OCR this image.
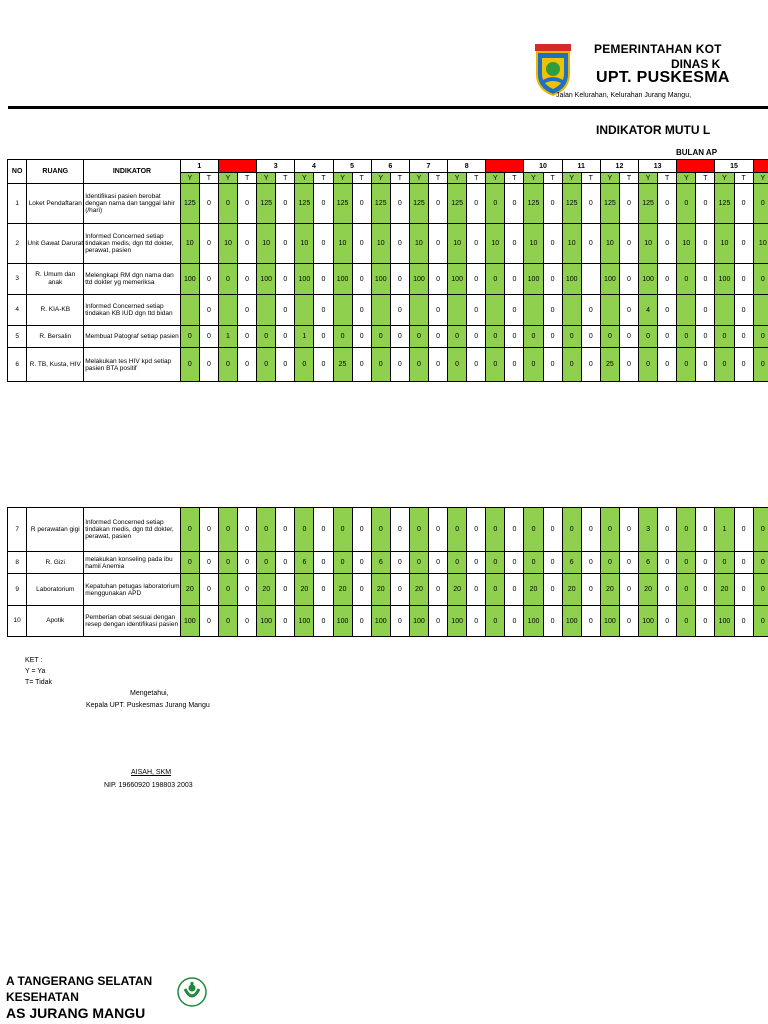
PEMERINTAHAN KOT
DINAS K
UPT. PUSKESMA
Jalan Kelurahan, Kelurahan Jurang Mangu,
INDIKATOR MUTU L
BULAN AP
NO	RUANG	INDIKATOR	1		2		3		4		5		6		7		8		9		10		11		12		13		14		15		16
			Y	T	Y	T	Y	T	Y	T	Y	T	Y	T	Y	T	Y	T	Y	T	Y	T	Y	T	Y	T	Y	T	Y	T	Y	T	Y
1	Loket Pendaftaran	Identifikasi pasien berobat dengan nama dan tanggal lahir (/hari)	125	0	0	0	125	0	125	0	125	0	125	0	125	0	125	0	0	0	125	0	125	0	125	0	125	0	0	0	125	0	0
2	Unit Gawat Darurat	Informed Concerned setiap tindakan medis, dgn ttd dokter, perawat, pasien	10	0	10	0	10	0	10	0	10	0	10	0	10	0	10	0	10	0	10	0	10	0	10	0	10	0	10	0	10	0	10
3	R. Umum dan anak	Melengkapi RM dgn nama dan ttd dokter yg memeriksa	100	0	0	0	100	0	100	0	100	0	100	0	100	0	100	0	0	0	100	0	100		100	0	100	0	0	0	100	0	0
4	R. KIA-KB	Informed Concerned setiap tindakan KB IUD dgn ttd bidan		0		0		0		0		0		0		0		0		0		0		0		0	4	0		0		0	
5	R. Bersalin	Membuat Patograf setiap pasien	0	0	1	0	0	0	1	0	0	0	0	0	0	0	0	0	0	0	0	0	0	0	0	0	0	0	0	0	0	0	0
6	R. TB, Kusta, HIV	Melakukan tes HIV kpd setiap pasien BTA positif	0	0	0	0	0	0	0	0	25	0	0	0	0	0	0	0	0	0	0	0	0	0	25	0	0	0	0	0	0	0	0
7	R perawatan gigi	Informed Concerned setiap tindakan medis, dgn ttd dokter, perawat, pasien	0	0	0	0	0	0	0	0	0	0	0	0	0	0	0	0	0	0	0	0	0	0	0	0	3	0	0	0	1	0	0
8	R. Gizi	melakukan konseling pada ibu hamil Anemia	0	0	0	0	0	0	6	0	0	0	6	0	0	0	0	0	0	0	0	0	6	0	0	0	6	0	0	0	0	0	0
9	Laboratorium	Kepatuhan petugas laboratorium menggunakan APD	20	0	0	0	20	0	20	0	20	0	20	0	20	0	20	0	0	0	20	0	20	0	20	0	20	0	0	0	20	0	0
10	Apotik	Pemberian obat sesuai dengan resep dengan identifikasi pasien	100	0	0	0	100	0	100	0	100	0	100	0	100	0	100	0	0	0	100	0	100	0	100	0	100	0	0	0	100	0	0
KET :
Y = Ya
T= Tidak
Mengetahui,
Kepala UPT. Puskesmas Jurang Mangu
AISAH, SKM
NIP. 19660920 198803 2003
A TANGERANG SELATAN
KESEHATAN
AS JURANG MANGU
